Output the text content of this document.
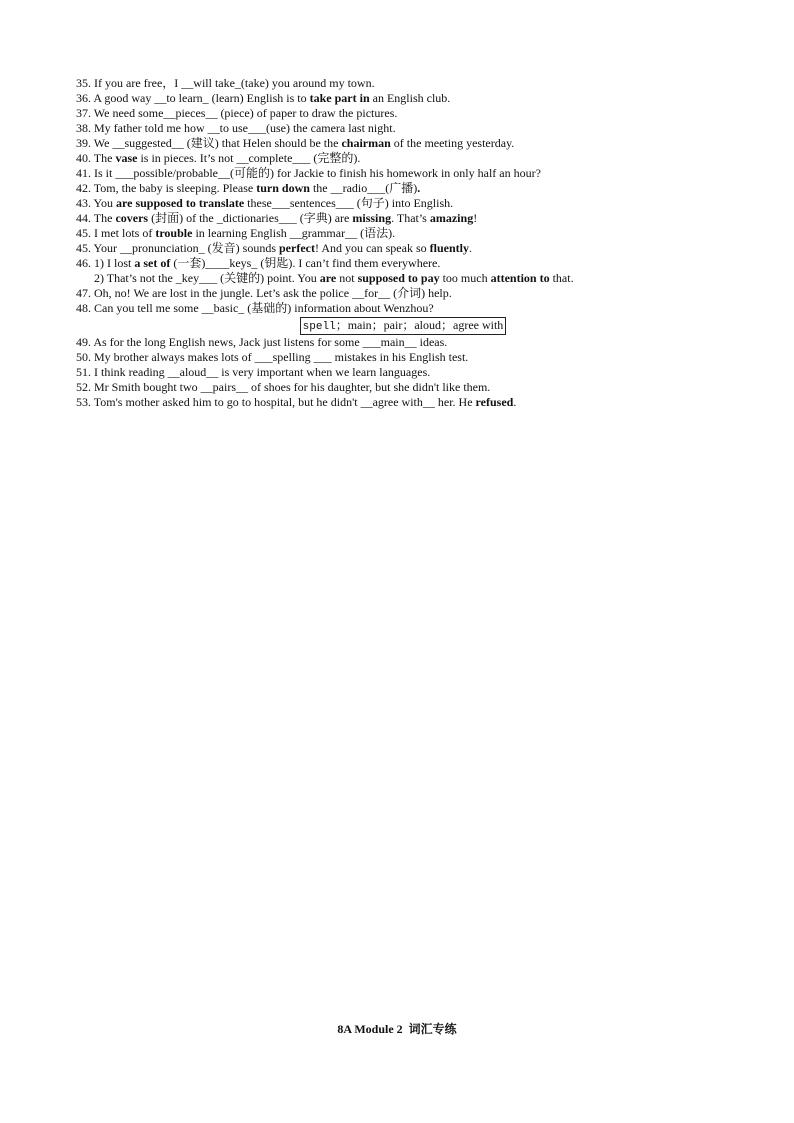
35. If you are free，I __will take_(take) you around my town.
36. A good way __to learn_ (learn) English is to take part in an English club.
37. We need some__pieces__ (piece) of paper to draw the pictures.
38. My father told me how __to use___(use) the camera last night.
39. We __suggested__ (建议) that Helen should be the chairman of the meeting yesterday.
40. The vase is in pieces. It’s not __complete___ (完整的).
41. Is it ___possible/probable__(可能的) for Jackie to finish his homework in only half an hour?
42. Tom, the baby is sleeping. Please turn down the __radio___(广播).
43. You are supposed to translate these___sentences___ (句子) into English.
44. The covers (封面) of the _dictionaries___ (字典) are missing. That’s amazing!
45. I met lots of trouble in learning English __grammar__ (语法).
45. Your __pronunciation_ (发音) sounds perfect! And you can speak so fluently.
46. 1) I lost a set of (一套)____keys_ (钥匙). I can’t find them everywhere.
2) That’s not the _key___ (关键的) point. You are not supposed to pay too much attention to that.
47. Oh, no! We are lost in the jungle. Let’s ask the police __for__ (介词) help.
48. Can you tell me some __basic_ (基础的) information about Wenzhou?
spell；main；pair；aloud；agree with
49. As for the long English news, Jack just listens for some ___main__ ideas.
50. My brother always makes lots of ___spelling ___ mistakes in his English test.
51. I think reading __aloud__ is very important when we learn languages.
52. Mr Smith bought two __pairs__ of shoes for his daughter, but she didn't like them.
53. Tom's mother asked him to go to hospital, but he didn't __agree with__ her. He refused.
8A Module 2  词汇专练
